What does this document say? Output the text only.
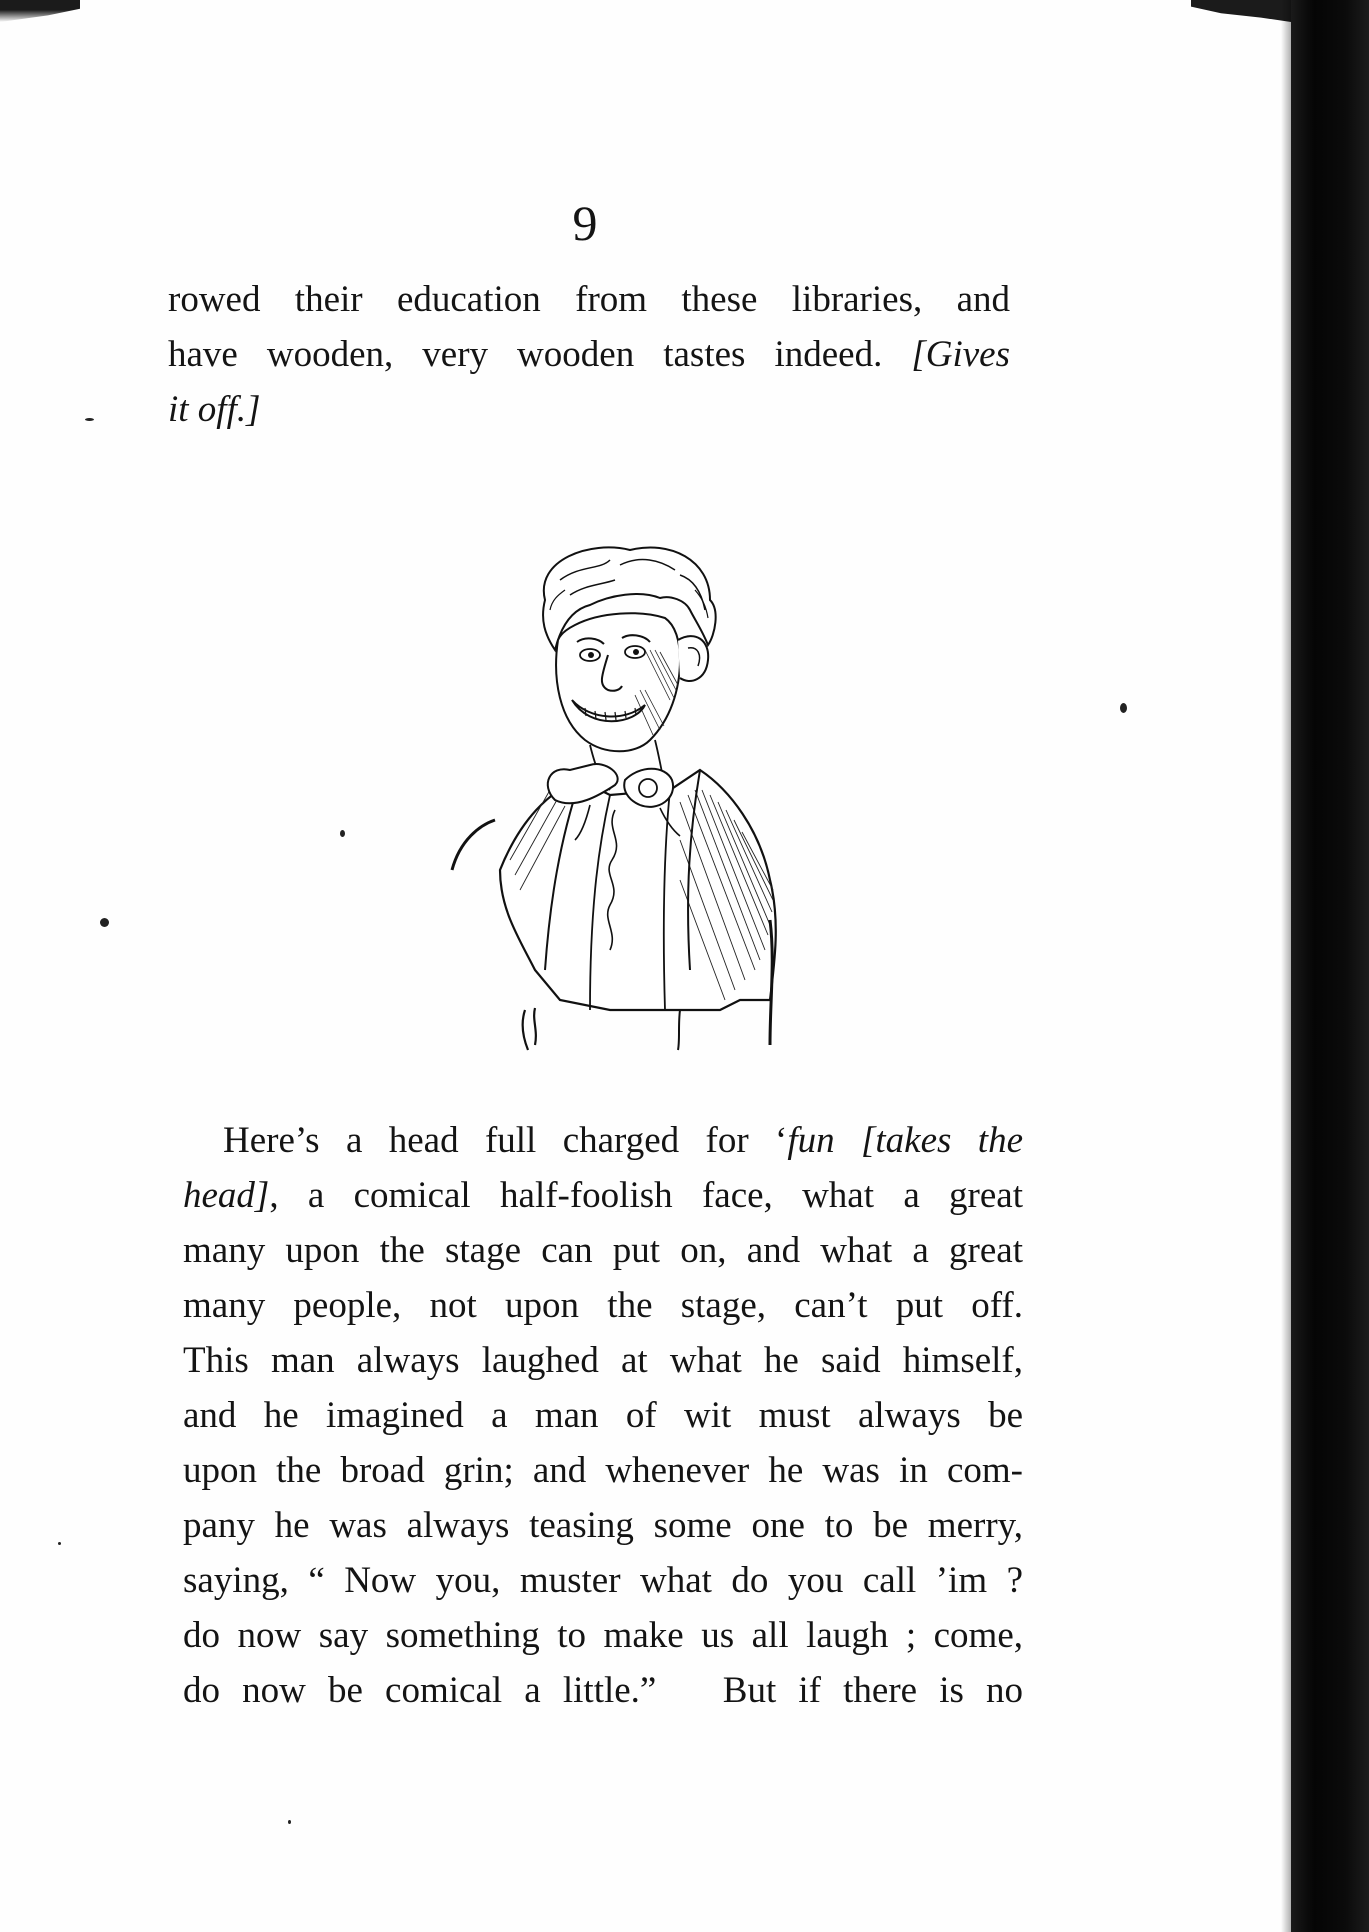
9
rowed their education from these libraries, and
have wooden, very wooden tastes indeed. [Gives
it off.]
Here’s a head full charged for ‘fun [takes the
head], a comical half-foolish face, what a great
many upon the stage can put on, and what a great
many people, not upon the stage, can’t put off.
This man always laughed at what he said himself,
and he imagined a man of wit must always be
upon the broad grin; and whenever he was in com-
pany he was always teasing some one to be merry,
saying, “ Now you, muster what do you call ’im ?
do now say something to make us all laugh ; come,
do now be comical a little.” But if there is no
